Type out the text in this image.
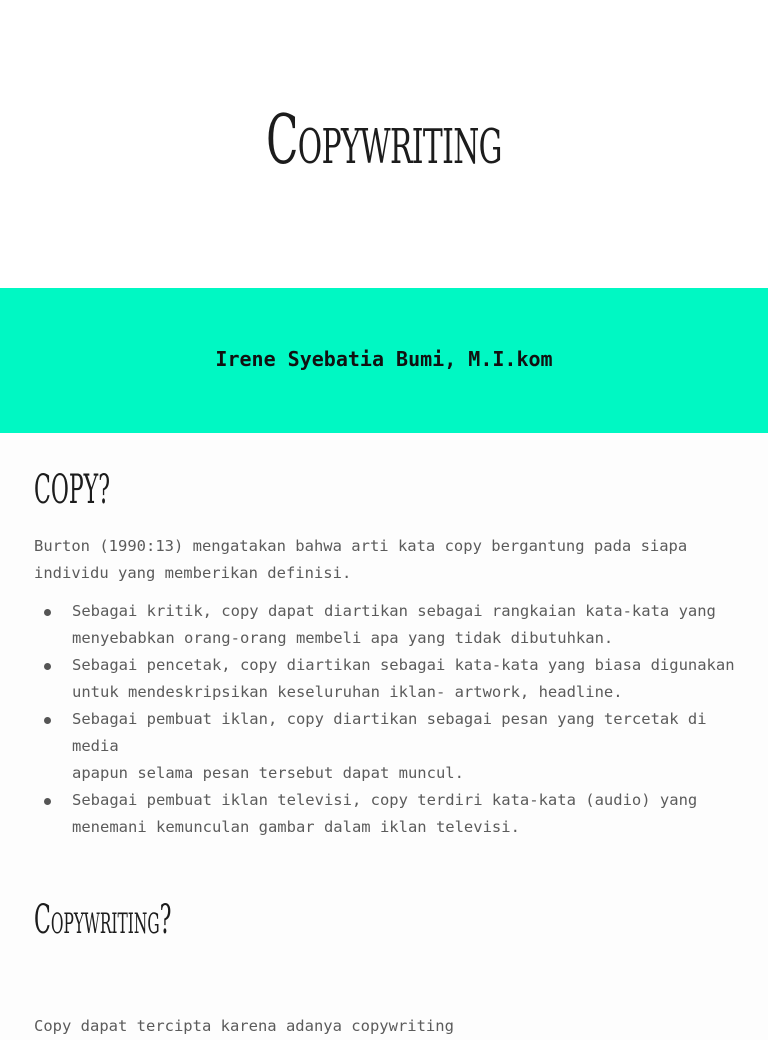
Copywriting
Irene Syebatia Bumi, M.I.kom
COPY?

Burton (1990:13) mengatakan bahwa arti kata copy bergantung pada siapa
individu yang memberikan definisi.

Sebagai kritik, copy dapat diartikan sebagai rangkaian kata-kata yang
menyebabkan orang-orang membeli apa yang tidak dibutuhkan.
Sebagai pencetak, copy diartikan sebagai kata-kata yang biasa digunakan
untuk mendeskripsikan keseluruhan iklan- artwork, headline.
Sebagai pembuat iklan, copy diartikan sebagai pesan yang tercetak di media
apapun selama pesan tersebut dapat muncul.
Sebagai pembuat iklan televisi, copy terdiri kata-kata (audio) yang
menemani kemunculan gambar dalam iklan televisi.
Copywriting?
Copy dapat tercipta karena adanya copywriting
